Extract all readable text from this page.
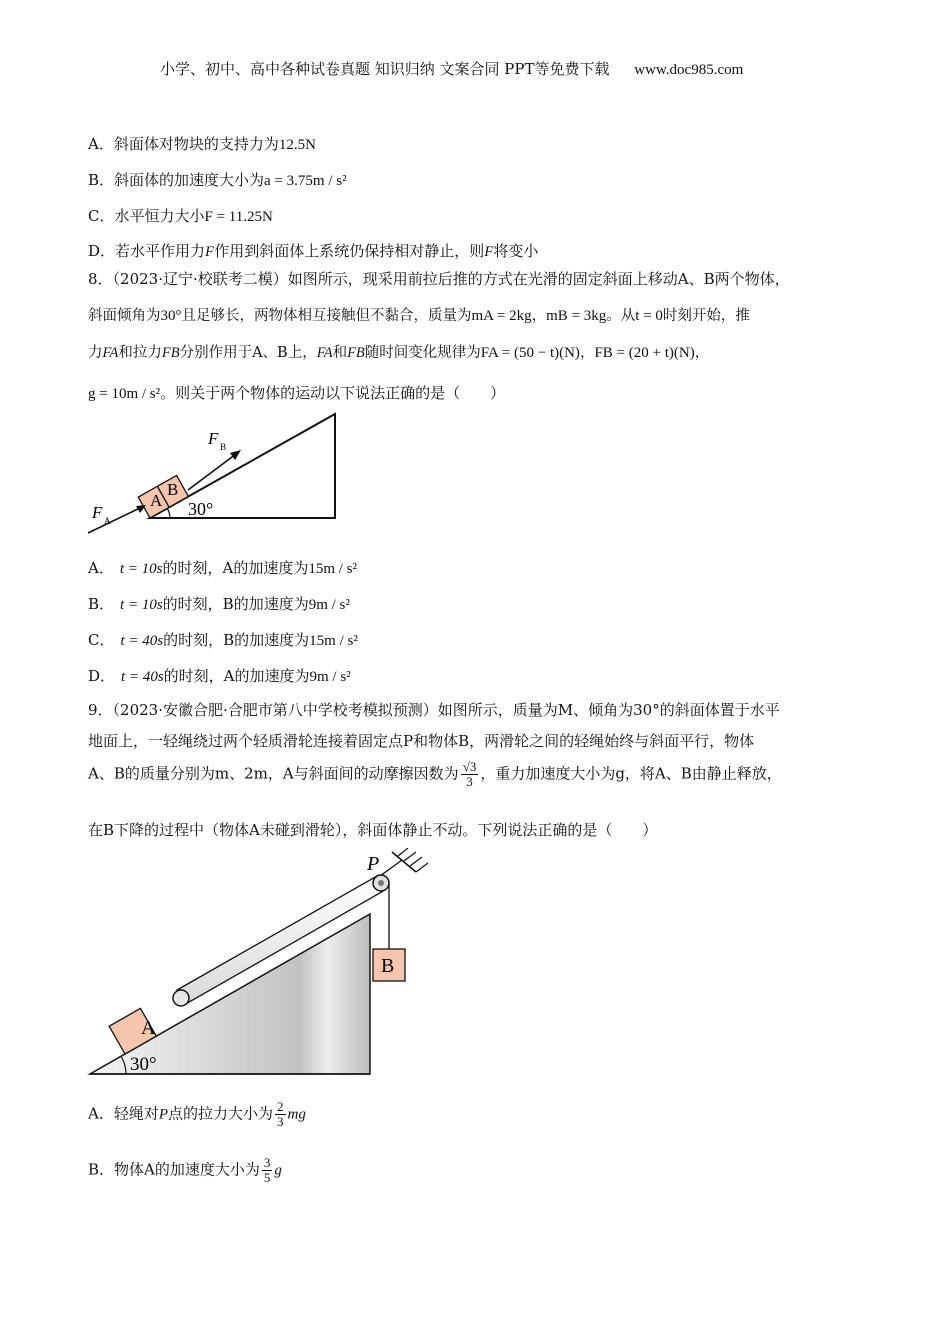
小学、初中、高中各种试卷真题 知识归纳 文案合同 PPT等免费下载 www.doc985.com
A．斜面体对物块的支持力为12.5N
B．斜面体的加速度大小为a = 3.75m / s²
C．水平恒力大小F = 11.25N
D．若水平作用力F作用到斜面体上系统仍保持相对静止，则F将变小
8．（2023·辽宁·校联考二模）如图所示，现采用前拉后推的方式在光滑的固定斜面上移动A、B两个物体，
斜面倾角为30°且足够长，两物体相互接触但不黏合，质量为mA = 2kg，mB = 3kg。从t = 0时刻开始，推
力FA和拉力FB分别作用于A、B上，FA和FB随时间变化规律为FA = (50 − t)(N)，FB = (20 + t)(N)，
g = 10m / s²。则关于两个物体的运动以下说法正确的是（　　）
A
B
30°
F B
F A
A． t = 10s的时刻，A的加速度为15m / s²
B． t = 10s的时刻，B的加速度为9m / s²
C． t = 40s的时刻，B的加速度为15m / s²
D． t = 40s的时刻，A的加速度为9m / s²
9．（2023·安徽合肥·合肥市第八中学校考模拟预测）如图所示，质量为M、倾角为30°的斜面体置于水平
地面上，一轻绳绕过两个轻质滑轮连接着固定点P和物体B，两滑轮之间的轻绳始终与斜面平行，物体
A、B的质量分别为m、2m，A与斜面间的动摩擦因数为 $\frac{√3}{3}$ ，重力加速度大小为g，将A、B由静止释放，
在B下降的过程中（物体A未碰到滑轮），斜面体静止不动。下列说法正确的是（　　）
P
B
A
30°
A．轻绳对P点的拉力大小为 $\frac{2}{3}$ mg
B．物体A的加速度大小为 $\frac{3}{5}$ g
